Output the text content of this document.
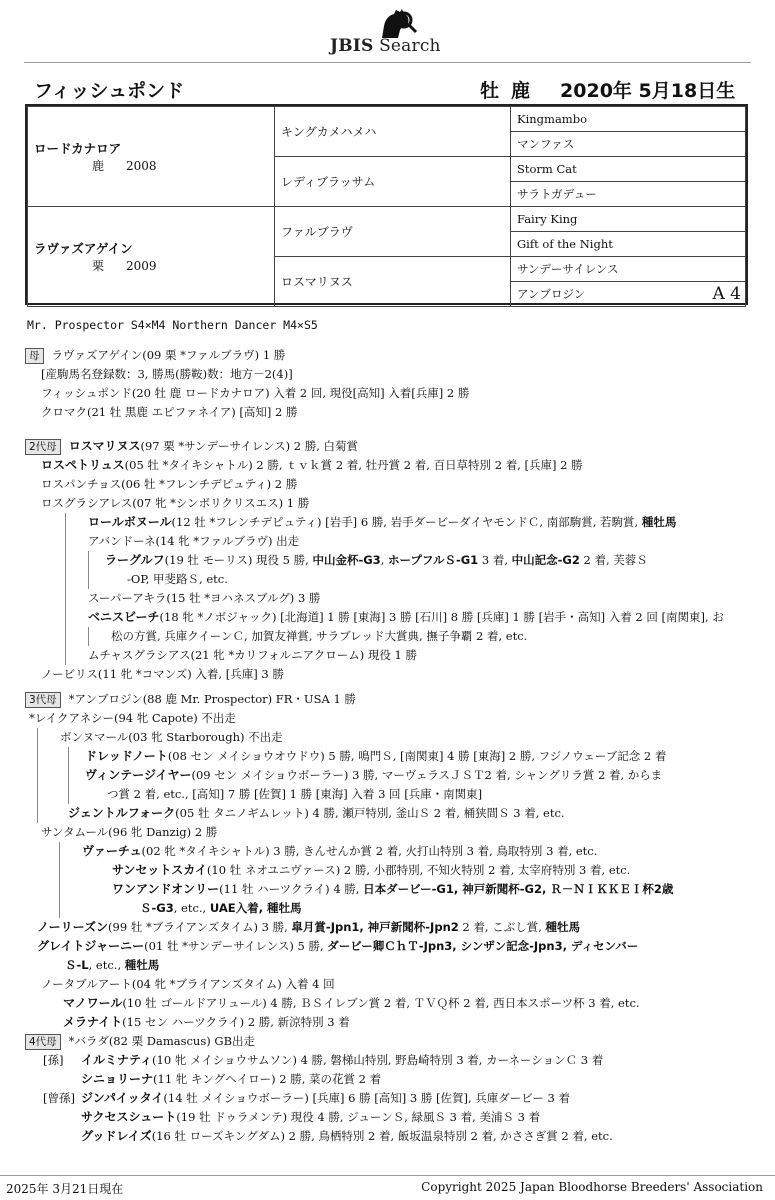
JBIS Search
フィッシュポンド	牡 鹿 2020年 5月18日生
ロードカナロア
鹿 2008	キングカメハメハ	Kingmambo
		マンファス
	レディブラッサム	Storm Cat
		サラトガデュー

ラヴァズアゲイン
栗 2009	ファルブラヴ	Fairy King
		Gift of the Night
	ロスマリヌス	サンデーサイレンス
		アンブロジン A 4
Mr. Prospector S4×M4 Northern Dancer M4×S5
母 ラヴァズアゲイン(09 栗 *ファルブラヴ) 1 勝
[産駒馬名登録数：3, 勝馬(勝鞍)数：地方－2(4)]
フィッシュポンド(20 牡 鹿 ロードカナロア) 入着 2 回, 現役[高知] 入着[兵庫] 2 勝
クロマク(21 牡 黒鹿 エピファネイア) [高知] 2 勝
2代母 ロスマリヌス(97 栗 *サンデーサイレンス) 2 勝, 白菊賞
ロスペトリュス(05 牡 *タイキシャトル) 2 勝, ｔｖｋ賞 2 着, 牡丹賞 2 着, 百日草特別 2 着, [兵庫] 2 勝
ロスパンチョス(06 牡 *フレンチデピュティ) 2 勝
ロスグラシアレス(07 牝 *シンボリクリスエス) 1 勝
ロールボヌール(12 牡 *フレンチデピュティ) [岩手] 6 勝, 岩手ダービーダイヤモンドＣ, 南部駒賞, 若駒賞, 種牡馬
アバンドーネ(14 牝 *ファルブラヴ) 出走
ラーグルフ(19 牡 モーリス) 現役 5 勝, 中山金杯-G3, ホープフルＳ-G1 3 着, 中山記念-G2 2 着, 芙蓉Ｓ
-OP, 甲斐路Ｓ, etc.
スーパーアキラ(15 牡 *ヨハネスブルグ) 3 勝
ベニスビーチ(18 牝 *ノボジャック) [北海道] 1 勝 [東海] 3 勝 [石川] 8 勝 [兵庫] 1 勝 [岩手・高知] 入着 2 回 [南関東], お
松の方賞, 兵庫クイーンＣ, 加賀友禅賞, サラブレッド大賞典, 撫子争覇 2 着, etc.
ムチャスグラシアス(21 牝 *カリフォルニアクローム) 現役 1 勝
ノービリス(11 牝 *コマンズ) 入着, [兵庫] 3 勝
3代母 *アンブロジン(88 鹿 Mr. Prospector) FR・USA 1 勝
*レイクアネシー(94 牝 Capote) 不出走
ボンヌマール(03 牝 Starborough) 不出走
ドレッドノート(08 セン メイショウオウドウ) 5 勝, 鳴門Ｓ, [南関東] 4 勝 [東海] 2 勝, フジノウェーブ記念 2 着
ヴィンテージイヤー(09 セン メイショウボーラー) 3 勝, マーヴェラスＪＳＴ2 着, シャングリラ賞 2 着, からま
つ賞 2 着, etc., [高知] 7 勝 [佐賀] 1 勝 [東海] 入着 3 回 [兵庫・南関東]
ジェントルフォーク(05 牡 タニノギムレット) 4 勝, 瀬戸特別, 釜山Ｓ 2 着, 桶狭間Ｓ 3 着, etc.
サンタムール(96 牝 Danzig) 2 勝
ヴァーチュ(02 牝 *タイキシャトル) 3 勝, きんせんか賞 2 着, 火打山特別 3 着, 鳥取特別 3 着, etc.
サンセットスカイ(10 牡 ネオユニヴァース) 2 勝, 小郡特別, 不知火特別 2 着, 太宰府特別 3 着, etc.
ワンアンドオンリー(11 牡 ハーツクライ) 4 勝, 日本ダービー-G1, 神戸新聞杯-G2, Ｒ－ＮＩＫＫＥＩ杯2歳
Ｓ-G3, etc., UAE入着, 種牡馬
ノーリーズン(99 牡 *ブライアンズタイム) 3 勝, 皐月賞-Jpn1, 神戸新聞杯-Jpn2 2 着, こぶし賞, 種牡馬
グレイトジャーニー(01 牡 *サンデーサイレンス) 5 勝, ダービー卿ＣｈＴ-Jpn3, シンザン記念-Jpn3, ディセンバー
Ｓ-L, etc., 種牡馬
ノータブルアート(04 牝 *ブライアンズタイム) 入着 4 回
マノワール(10 牡 ゴールドアリュール) 4 勝, ＢＳイレブン賞 2 着, ＴＶＱ杯 2 着, 西日本スポーツ杯 3 着, etc.
メラナイト(15 セン ハーツクライ) 2 勝, 新涼特別 3 着
4代母 *バラダ(82 栗 Damascus) GB出走
[孫] イルミナティ(10 牝 メイショウサムソン) 4 勝, 磐梯山特別, 野島崎特別 3 着, カーネーションＣ 3 着
シニョリーナ(11 牝 キングヘイロー) 2 勝, 菜の花賞 2 着
[曾孫] ジンパイッタイ(14 牡 メイショウボーラー) [兵庫] 6 勝 [高知] 3 勝 [佐賀], 兵庫ダービー 3 着
サクセスシュート(19 牡 ドゥラメンテ) 現役 4 勝, ジューンＳ, 緑風Ｓ 3 着, 美浦Ｓ 3 着
グッドレイズ(16 牡 ローズキングダム) 2 勝, 鳥栖特別 2 着, 飯坂温泉特別 2 着, かささぎ賞 2 着, etc.
2025年 3月21日現在	Copyright 2025 Japan Bloodhorse Breeders' Association
